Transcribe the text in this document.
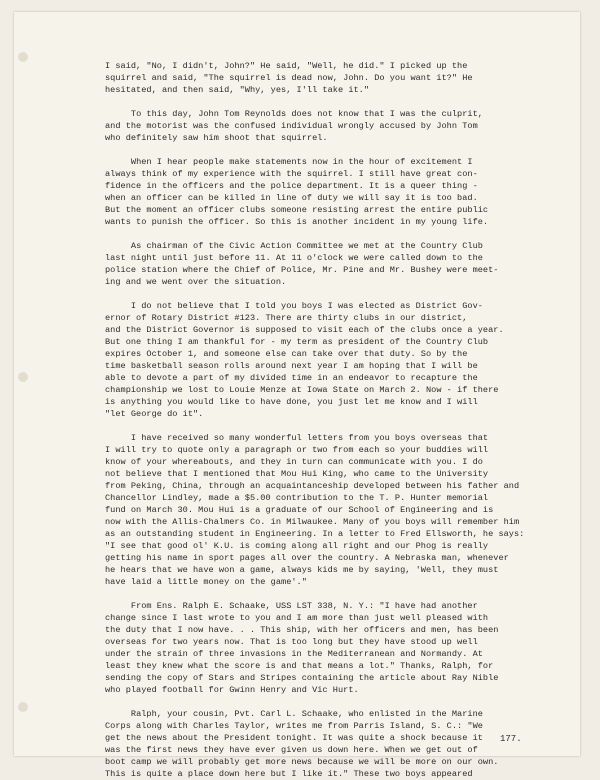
I said, "No, I didn't, John?" He said, "Well, he did." I picked up the
squirrel and said, "The squirrel is dead now, John. Do you want it?" He
hesitated, and then said, "Why, yes, I'll take it."

To this day, John Tom Reynolds does not know that I was the culprit,
and the motorist was the confused individual wrongly accused by John Tom
who definitely saw him shoot that squirrel.

When I hear people make statements now in the hour of excitement I
always think of my experience with the squirrel. I still have great con-
fidence in the officers and the police department. It is a queer thing -
when an officer can be killed in line of duty we will say it is too bad.
But the moment an officer clubs someone resisting arrest the entire public
wants to punish the officer. So this is another incident in my young life.

As chairman of the Civic Action Committee we met at the Country Club
last night until just before 11. At 11 o'clock we were called down to the
police station where the Chief of Police, Mr. Pine and Mr. Bushey were meet-
ing and we went over the situation.

I do not believe that I told you boys I was elected as District Gov-
ernor of Rotary District #123. There are thirty clubs in our district,
and the District Governor is supposed to visit each of the clubs once a year.
But one thing I am thankful for - my term as president of the Country Club
expires October 1, and someone else can take over that duty. So by the
time basketball season rolls around next year I am hoping that I will be
able to devote a part of my divided time in an endeavor to recapture the
championship we lost to Louie Menze at Iowa State on March 2. Now - if there
is anything you would like to have done, you just let me know and I will
"let George do it".

I have received so many wonderful letters from you boys overseas that
I will try to quote only a paragraph or two from each so your buddies will
know of your whereabouts, and they in turn can communicate with you. I do
not believe that I mentioned that Mou Hui King, who came to the University
from Peking, China, through an acquaintanceship developed between his father and
Chancellor Lindley, made a $5.00 contribution to the T. P. Hunter memorial
fund on March 30. Mou Hui is a graduate of our School of Engineering and is
now with the Allis-Chalmers Co. in Milwaukee. Many of you boys will remember him
as an outstanding student in Engineering. In a letter to Fred Ellsworth, he says:
"I see that good ol' K.U. is coming along all right and our Phog is really
getting his name in sport pages all over the country. A Nebraska man, whenever
he hears that we have won a game, always kids me by saying, 'Well, they must
have laid a little money on the game'."

From Ens. Ralph E. Schaake, USS LST 338, N. Y.: "I have had another
change since I last wrote to you and I am more than just well pleased with
the duty that I now have. . . This ship, with her officers and men, has been
overseas for two years now. That is too long but they have stood up well
under the strain of three invasions in the Mediterranean and Normandy. At
least they knew what the score is and that means a lot." Thanks, Ralph, for
sending the copy of Stars and Stripes containing the article about Ray Nible
who played football for Gwinn Henry and Vic Hurt.

Ralph, your cousin, Pvt. Carl L. Schaake, who enlisted in the Marine
Corps along with Charles Taylor, writes me from Parris Island, S. C.: "We
get the news about the President tonight. It was quite a shock because it
was the first news they have ever given us down here. When we get out of
boot camp we will probably get more news because we will be more on our own.
This is quite a place down here but I like it." These two boys appeared

177.
